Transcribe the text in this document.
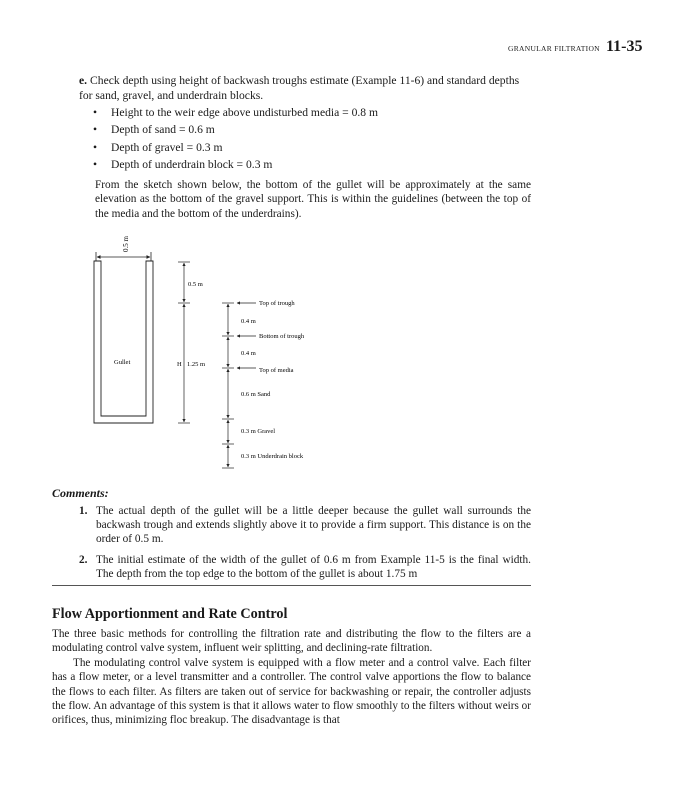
GRANULAR FILTRATION 11-35
e. Check depth using height of backwash troughs estimate (Example 11-6) and standard depths for sand, gravel, and underdrain blocks.
• Height to the weir edge above undisturbed media = 0.8 m
• Depth of sand = 0.6 m
• Depth of gravel = 0.3 m
• Depth of underdrain block = 0.3 m
From the sketch shown below, the bottom of the gullet will be approximately at the same elevation as the bottom of the gravel support. This is within the guidelines (between the top of the media and the bottom of the underdrains).
0.5 m
Gullet
0.5 m
H 1.25 m
Top of trough
0.4 m
Bottom of trough
0.4 m
Top of media
0.6 m Sand
0.3 m Gravel
0.3 m Underdrain block
Comments:
1. The actual depth of the gullet will be a little deeper because the gullet wall surrounds the backwash trough and extends slightly above it to provide a firm support. This distance is on the order of 0.5 m.
2. The initial estimate of the width of the gullet of 0.6 m from Example 11-5 is the final width. The depth from the top edge to the bottom of the gullet is about 1.75 m
Flow Apportionment and Rate Control
The three basic methods for controlling the filtration rate and distributing the flow to the filters are a modulating control valve system, influent weir splitting, and declining-rate filtration.
The modulating control valve system is equipped with a flow meter and a control valve. Each filter has a flow meter, or a level transmitter and a controller. The control valve apportions the flow to balance the flows to each filter. As filters are taken out of service for backwashing or repair, the controller adjusts the flow. An advantage of this system is that it allows water to flow smoothly to the filters without weirs or orifices, thus, minimizing floc breakup. The disadvantage is that
